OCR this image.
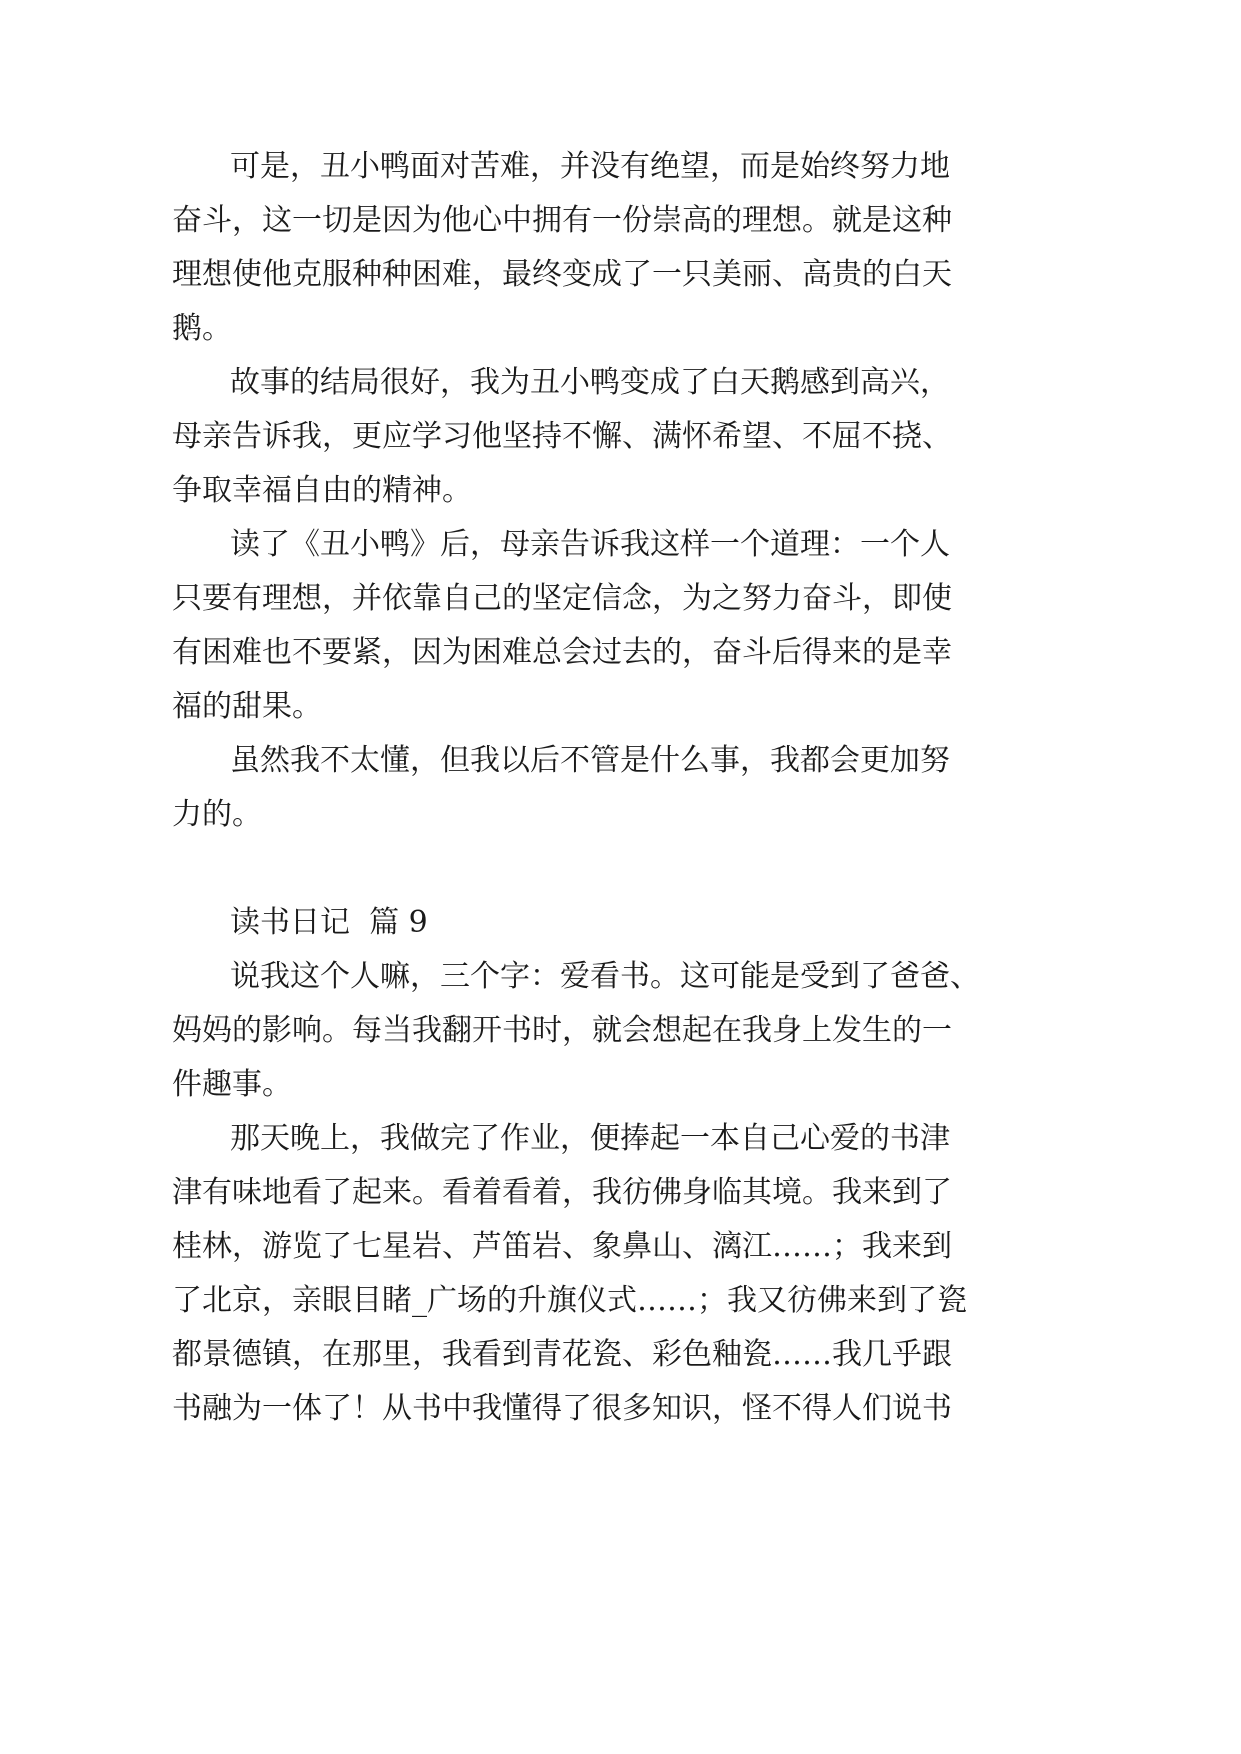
可是，丑小鸭面对苦难，并没有绝望，而是始终努力地
奋斗，这一切是因为他心中拥有一份崇高的理想。就是这种
理想使他克服种种困难，最终变成了一只美丽、高贵的白天
鹅。
故事的结局很好，我为丑小鸭变成了白天鹅感到高兴，
母亲告诉我，更应学习他坚持不懈、满怀希望、不屈不挠、
争取幸福自由的精神。
读了《丑小鸭》后，母亲告诉我这样一个道理：一个人
只要有理想，并依靠自己的坚定信念，为之努力奋斗，即使
有困难也不要紧，因为困难总会过去的，奋斗后得来的是幸
福的甜果。
虽然我不太懂，但我以后不管是什么事，我都会更加努
力的。
读书日记  篇 9
说我这个人嘛，三个字：爱看书。这可能是受到了爸爸、
妈妈的影响。每当我翻开书时，就会想起在我身上发生的一
件趣事。
那天晚上，我做完了作业，便捧起一本自己心爱的书津
津有味地看了起来。看着看着，我彷佛身临其境。我来到了
桂林，游览了七星岩、芦笛岩、象鼻山、漓江……；我来到
了北京，亲眼目睹_广场的升旗仪式……；我又彷佛来到了瓷
都景德镇，在那里，我看到青花瓷、彩色釉瓷……我几乎跟
书融为一体了！从书中我懂得了很多知识，怪不得人们说书
